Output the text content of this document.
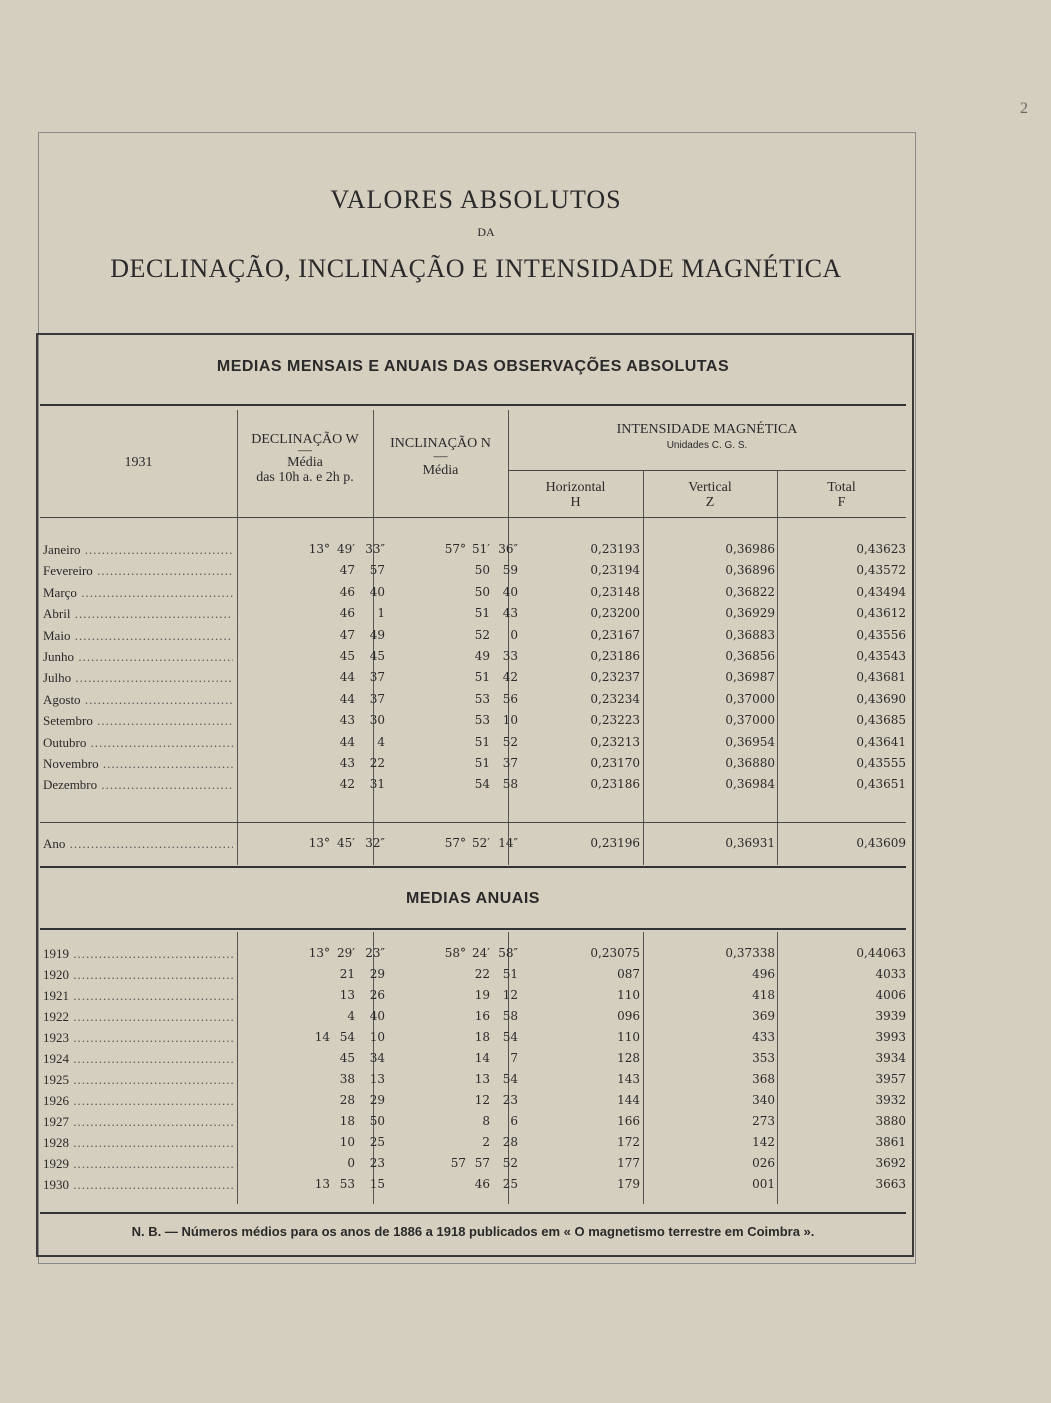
2
VALORES ABSOLUTOS
DA
DECLINAÇÃO, INCLINAÇÃO E INTENSIDADE MAGNÉTICA
MEDIAS MENSAIS E ANUAIS DAS OBSERVAÇÕES ABSOLUTAS
1931
DECLINAÇÃO W
—
Média
das 10h a. e 2h p.
INCLINAÇÃO N
—
Média
INTENSIDADE MAGNÉTICA
Unidades C. G. S.
Horizontal
H
Vertical
Z
Total
F
Janeiro .....	13° 49′ 33″	57° 51′ 36″	0,23193	0,36986	0,43623
Fevereiro .....	47 57	50 59	0,23194	0,36896	0,43572
Março .....	46 40	50 40	0,23148	0,36822	0,43494
Abril .....	46 1	51 43	0,23200	0,36929	0,43612
Maio .....	47 49	52 0	0,23167	0,36883	0,43556
Junho .....	45 45	49 33	0,23186	0,36856	0,43543
Julho .....	44 37	51 42	0,23237	0,36987	0,43681
Agosto .....	44 37	53 56	0,23234	0,37000	0,43690
Setembro .....	43 30	53 10	0,23223	0,37000	0,43685
Outubro .....	44 4	51 52	0,23213	0,36954	0,43641
Novembro .....	43 22	51 37	0,23170	0,36880	0,43555
Dezembro .....	42 31	54 58	0,23186	0,36984	0,43651
Ano .....	13° 45′ 32″	57° 52′ 14″	0,23196	0,36931	0,43609
MEDIAS ANUAIS
1919 .....	13° 29′ 23″	58° 24′ 58″	0,23075	0,37338	0,44063
1920 .....	21 29	22 51	087	496	4033
1921 .....	13 26	19 12	110	418	4006
1922 .....	4 40	16 58	096	369	3939
1923 .....	14 54 10	18 54	110	433	3993
1924 .....	45 34	14 7	128	353	3934
1925 .....	38 13	13 54	143	368	3957
1926 .....	28 29	12 23	144	340	3932
1927 .....	18 50	8 6	166	273	3880
1928 .....	10 25	2 28	172	142	3861
1929 .....	0 23	57 57 52	177	026	3692
1930 .....	13 53 15	46 25	179	001	3663
N. B. — Números médios para os anos de 1886 a 1918 publicados em « O magnetismo terrestre em Coimbra ».
